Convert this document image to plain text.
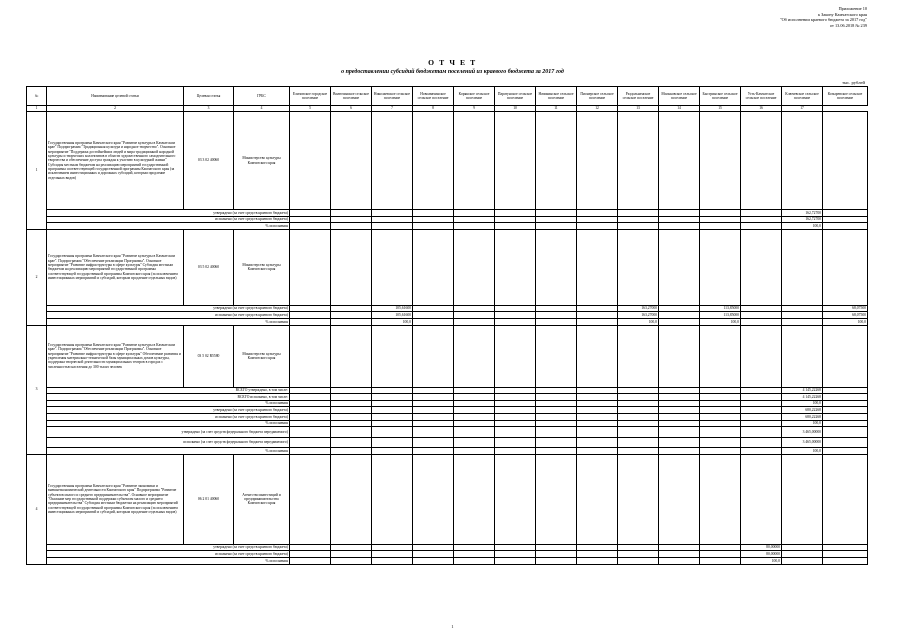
Приложение 10
к Закону Камчатского края
"Об исполнении краевого бюджета за 2017 год"
от 13.06.2018 № 239
О Т Ч Е Т
о предоставлении субсидий бюджетам поселений из краевого бюджета за 2017 год
тыс. рублей
№	Наименование целевой статьи	Целевая статья	ГРБС	Елизовское городское поселение	Вилючинское сельское поселение	Николаевское сельское поселение	Новоавачинское сельское поселение	Корякское сельское поселение	Паратунское сельское поселение	Начикинское сельское поселение	Пионерское сельское поселение	Раздольненское сельское поселение	Мильковское сельское поселение	Быстринское сельское поселение	Усть-Камчатское сельское поселение	Ключевское сельское поселение	Козыревское сельское поселение
1	2	3	4	5	6	7	8	9	10	11	12	13	14	15	16	17	
1	Государственная программа Камчатского края "Развитие культуры в Камчатском крае" Подпрограмма "Традиционная культура и народное творчество". Основное мероприятие "Поддержка достойнейших людей и мира традиционной народной культуры и творческих коллективов в области художественного самодеятельного творчества и обеспечение доступа граждан к участию в культурной жизни" Субсидия местным бюджетам на реализацию мероприятий государственной программы соответствующей государственной программы Камчатского края (за исключением инвестиционных и дорожных субсидий, которым продление отдельных видов)	03 3 02 40060	Министерство культуры Камчатского края														
	утверждено (за счет средств краевого бюджета)															162,72700	
	исполнено (за счет средств краевого бюджета)															162,72700	
	% исполнения															100,0	
2	Государственная программа Камчатского края "Развитие культуры в Камчатском крае". Подпрограмма "Обеспечение реализации Программы". Основное мероприятие "Развитие инфраструктуры в сфере культуры" Субсидия местным бюджетам на реализацию мероприятий государственной программы соответствующей государственной программы Камчатского края (за исключением инвестиционных мероприятий и субсидий, которым продление отдельных видов)	03 5 02 40060	Министерство культуры Камчатского края														
	утверждено (за счет средств краевого бюджета)					105,61600						163,27000		113,85000			68,07500
	исполнено (за счет средств краевого бюджета)					105,61600						163,27000		113,85000			68,07500
	% исполнения					100,0						100,0		100,0			100,0
3	Государственная программа Камчатского края "Развитие культуры в Камчатском крае". Подпрограмма "Обеспечение реализации Программы". Основное мероприятие "Развитие инфраструктуры в сфере культуры" Обеспечение развития и укрепления материально-технической базы муниципальных домов культуры, поддержка творческой деятельности муниципальных театров в городах с численностью населения до 300 тысяч человек	03 5 02 R5580	Министерство культуры Камчатского края														
	ВСЕГО утверждено, в том числе:															4 145,22268	
	ВСЕГО исполнено, в том числе:															4 145,22268	
	% исполнения															100,0	
	утверждено (за счет средств краевого бюджета)															680,22268	
	исполнено (за счет средств краевого бюджета)															680,22268	
	% исполнения															100,0	
	утверждено (за счет средств федерального бюджета передаваемого)															3 465,00000	
	исполнено (за счет средств федерального бюджета передаваемого)															3 465,00000	
	% исполнения															100,0	
4	Государственная программа Камчатского края "Развитие экономики и внешнеэкономической деятельности Камчатского края" Подпрограмма "Развитие субъектов малого и среднего предпринимательства". Основное мероприятие "Оказание мер государственной поддержки субъектам малого и среднего предпринимательства" Субсидия местным бюджетам на реализацию мероприятий соответствующей государственной программы Камчатского края (за исключением инвестиционных мероприятий и субсидий, которым продление отдельных видов)	06 2 01 40060	Агентство инвестиций и предпринимательства Камчатского края														
	утверждено (за счет средств краевого бюджета)														80,00000		
	исполнено (за счет средств краевого бюджета)														80,00000		
	% исполнения														100,0		
1
